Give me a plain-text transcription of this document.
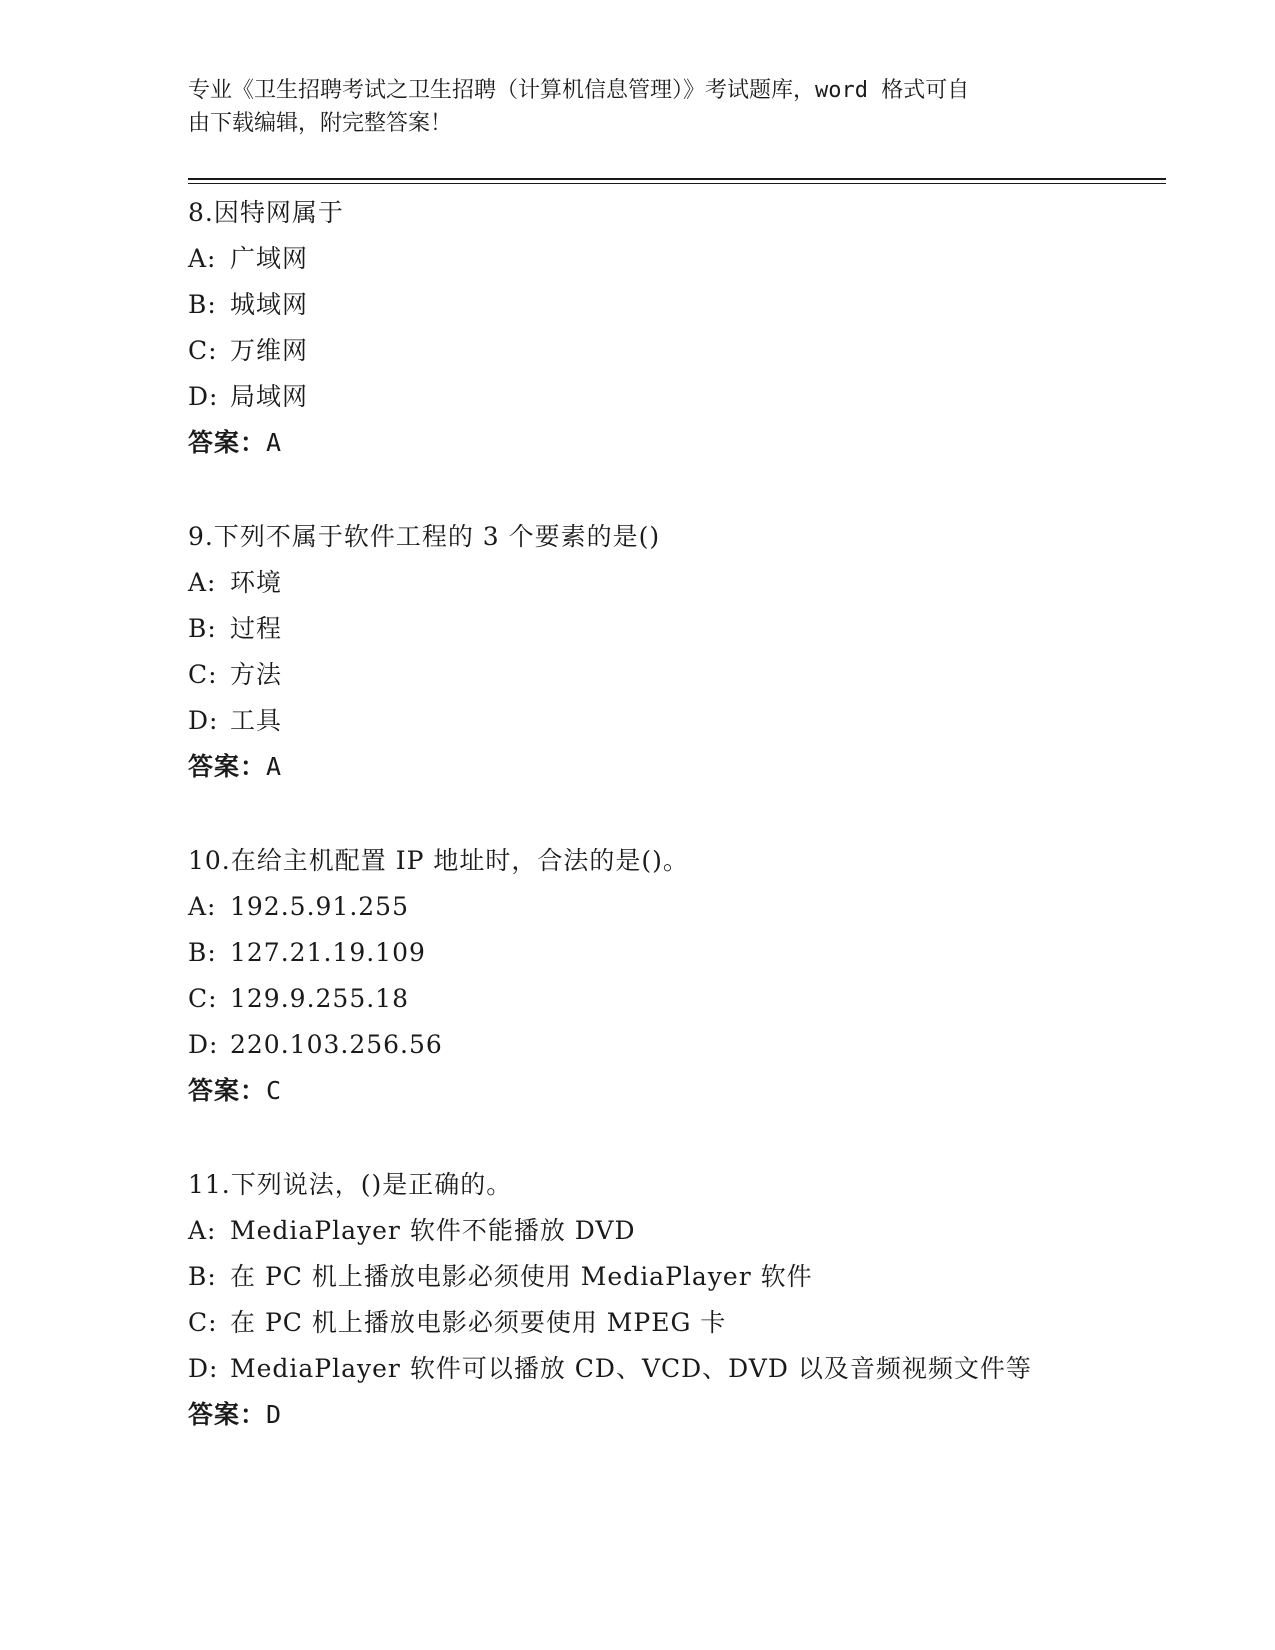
专业《卫生招聘考试之卫生招聘（计算机信息管理）》考试题库，word 格式可自
由下载编辑，附完整答案！
8.因特网属于
A: 广域网
B: 城域网
C: 万维网
D: 局域网
答案：A
9.下列不属于软件工程的 3 个要素的是()
A: 环境
B: 过程
C: 方法
D: 工具
答案：A
10.在给主机配置 IP 地址时，合法的是()。
A: 192.5.91.255
B: 127.21.19.109
C: 129.9.255.18
D: 220.103.256.56
答案：C
11.下列说法，()是正确的。
A: MediaPlayer 软件不能播放 DVD
B: 在 PC 机上播放电影必须使用 MediaPlayer 软件
C: 在 PC 机上播放电影必须要使用 MPEG 卡
D: MediaPlayer 软件可以播放 CD、VCD、DVD 以及音频视频文件等
答案：D
